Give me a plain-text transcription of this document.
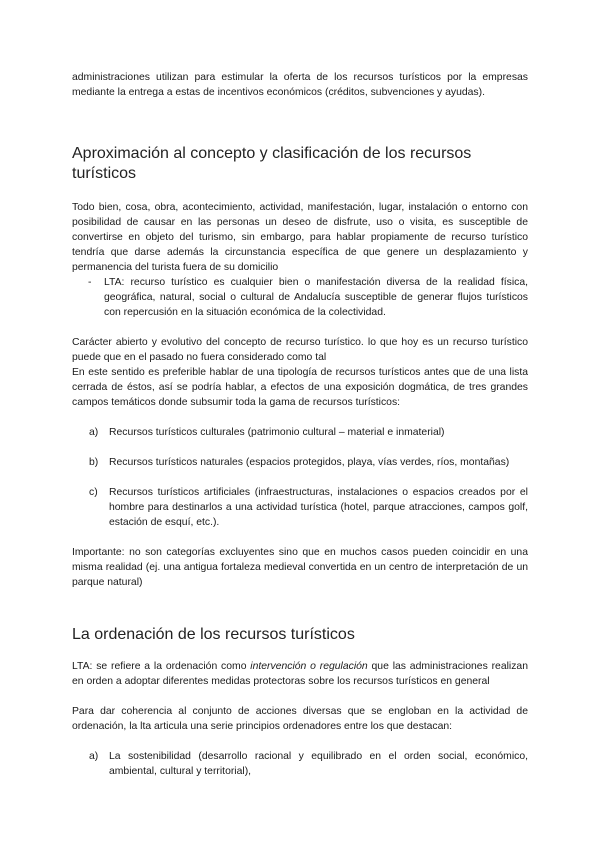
administraciones utilizan para estimular la oferta de los recursos turísticos por la empresas mediante la entrega a estas de incentivos económicos (créditos, subvenciones y ayudas).

Aproximación al concepto y clasificación de los recursos turísticos

Todo bien, cosa, obra, acontecimiento, actividad, manifestación, lugar, instalación o entorno con posibilidad de causar en las personas un deseo de disfrute, uso o visita, es susceptible de convertirse en objeto del turismo, sin embargo, para hablar propiamente de recurso turístico tendría que darse además la circunstancia específica de que genere un desplazamiento y permanencia del turista fuera de su domicilio

- LTA: recurso turístico es cualquier bien o manifestación diversa de la realidad física, geográfica, natural, social o cultural de Andalucía susceptible de generar flujos turísticos con repercusión en la situación económica de la colectividad.

Carácter abierto y evolutivo del concepto de recurso turístico. lo que hoy es un recurso turístico puede que en el pasado no fuera considerado como tal

En este sentido es preferible hablar de una tipología de recursos turísticos antes que de una lista cerrada de éstos, así se podría hablar, a efectos de una exposición dogmática, de tres grandes campos temáticos donde subsumir toda la gama de recursos turísticos:

a) Recursos turísticos culturales (patrimonio cultural – material e inmaterial)

b) Recursos turísticos naturales (espacios protegidos, playa, vías verdes, ríos, montañas)

c) Recursos turísticos artificiales (infraestructuras, instalaciones o espacios creados por el hombre para destinarlos a una actividad turística (hotel, parque atracciones, campos golf, estación de esquí, etc.).

Importante: no son categorías excluyentes sino que en muchos casos pueden coincidir en una misma realidad (ej. una antigua fortaleza medieval convertida en un centro de interpretación de un parque natural)

La ordenación de los recursos turísticos

LTA: se refiere a la ordenación como intervención o regulación que las administraciones realizan en orden a adoptar diferentes medidas protectoras sobre los recursos turísticos en general

Para dar coherencia al conjunto de acciones diversas que se engloban en la actividad de ordenación, la lta articula una serie principios ordenadores entre los que destacan:

a) La sostenibilidad (desarrollo racional y equilibrado en el orden social, económico, ambiental, cultural y territorial),
